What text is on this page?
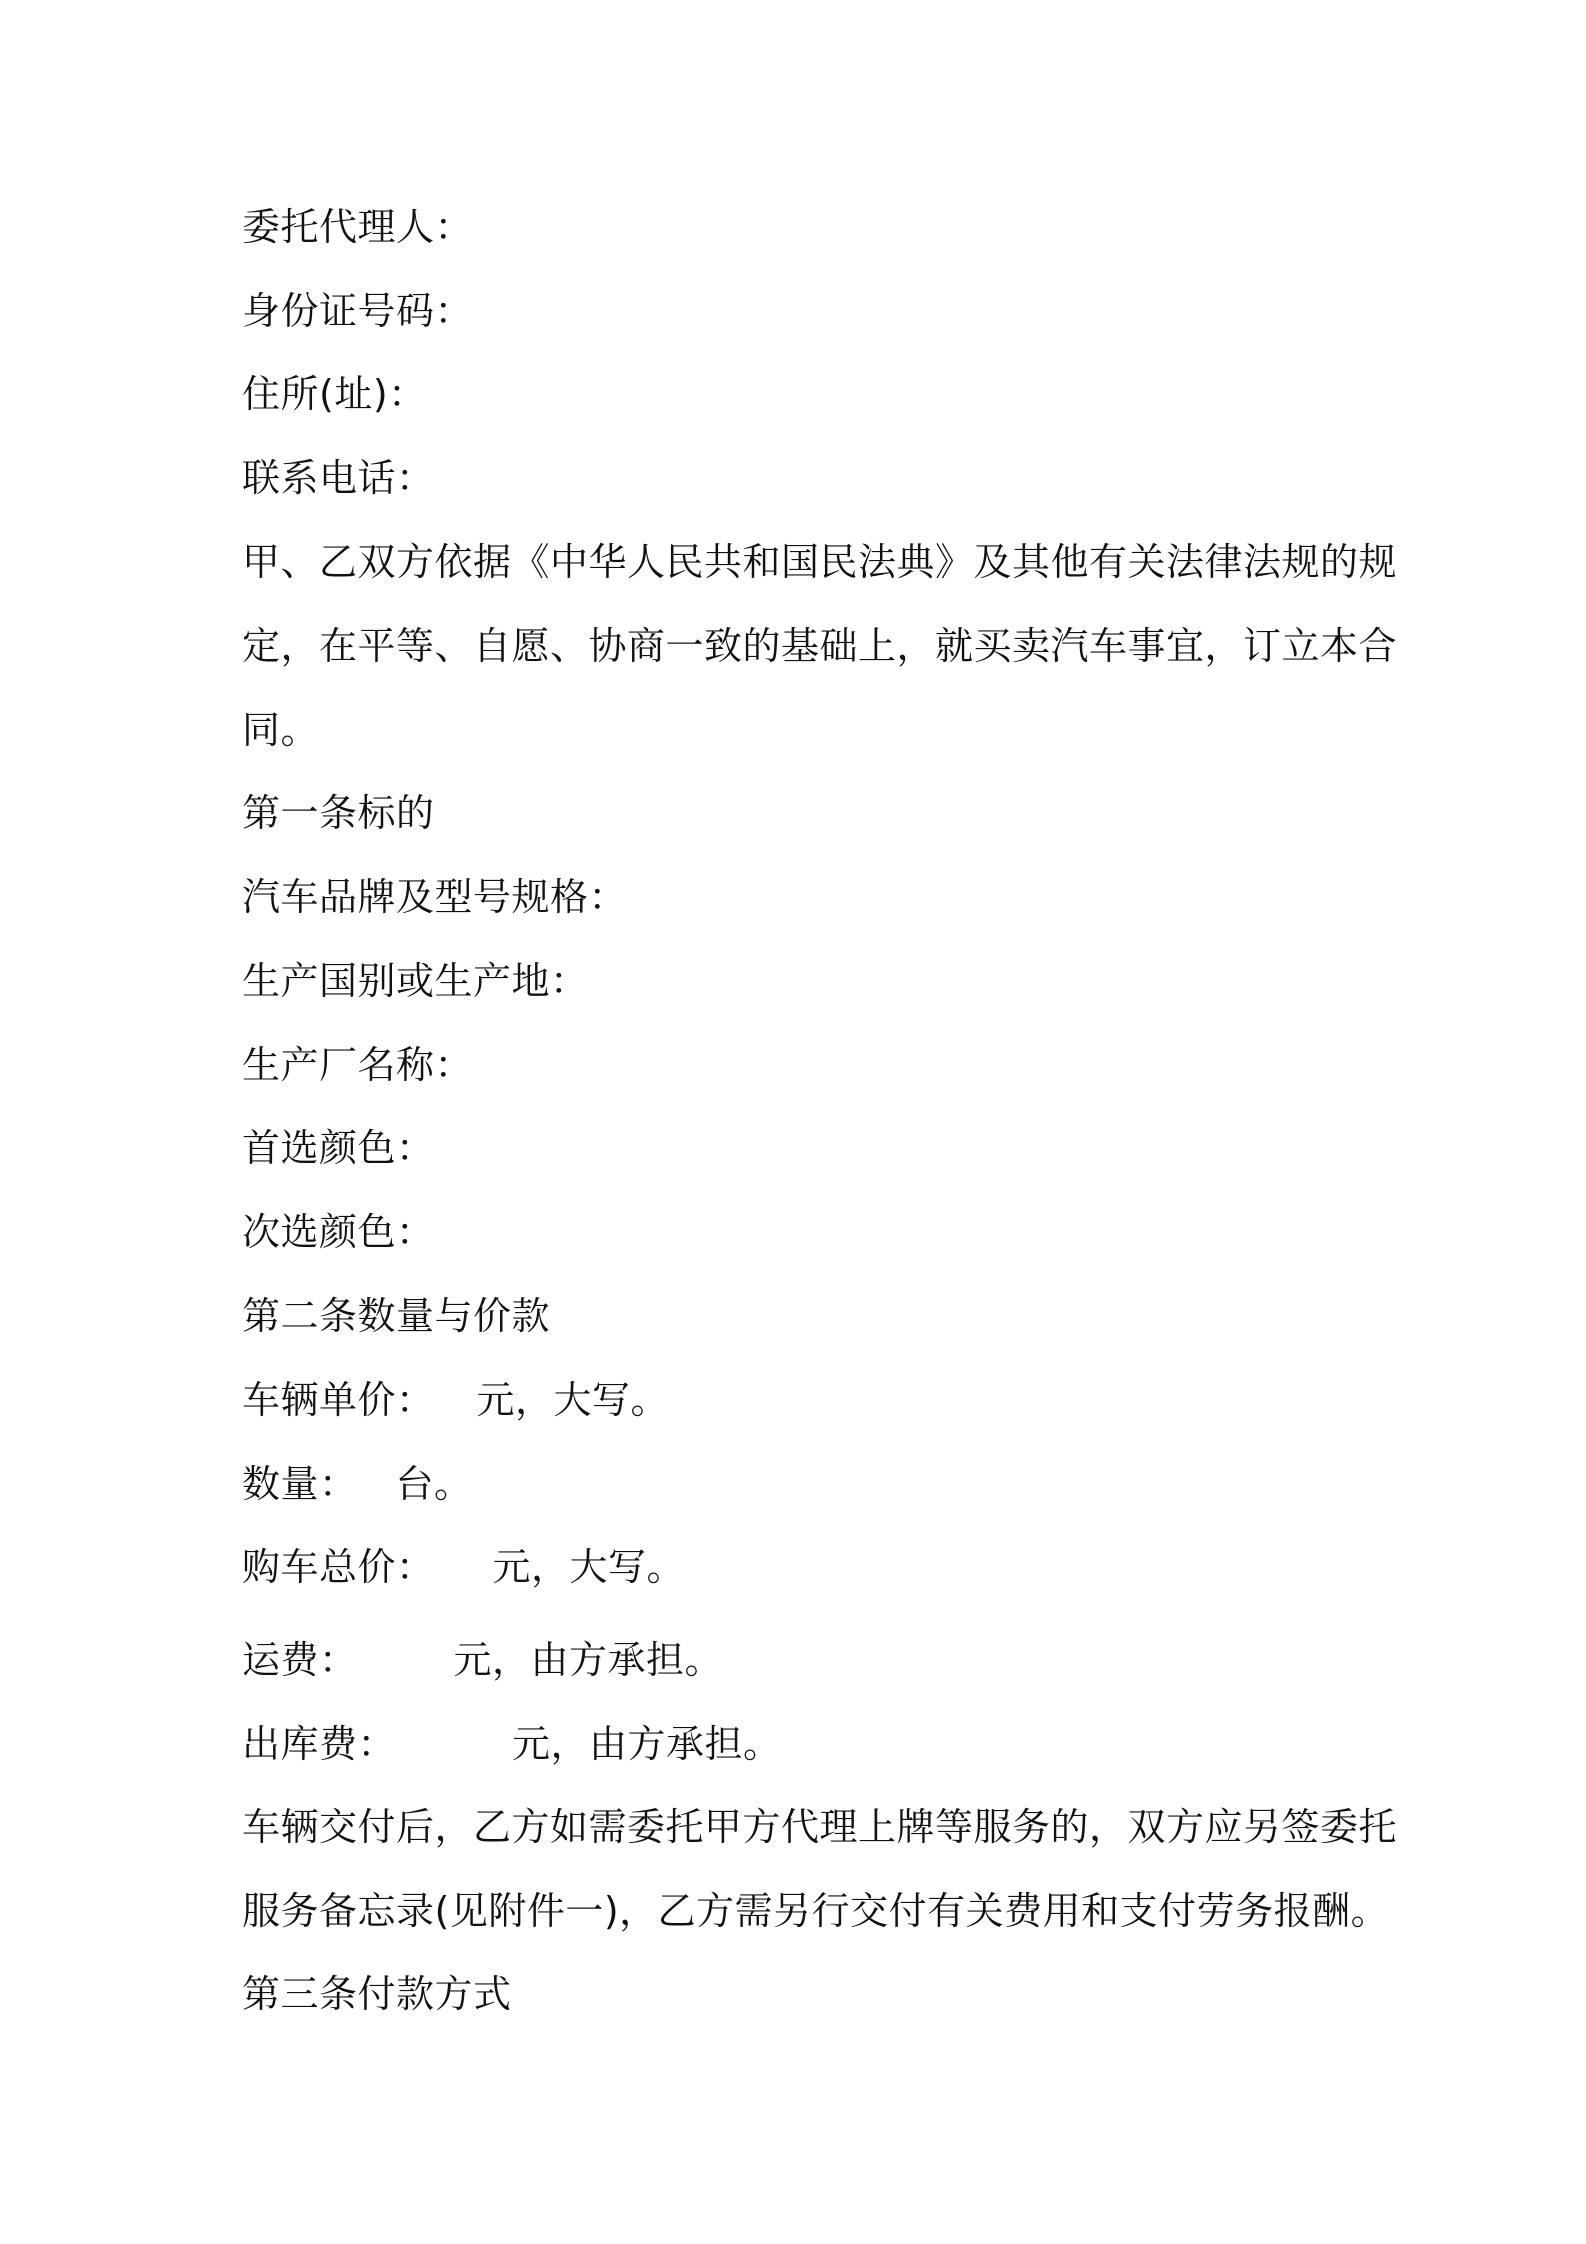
委托代理人：
身份证号码：
住所(址)：
联系电话：
甲、乙双方依据《中华人民共和国民法典》及其他有关法律法规的规
定，在平等、自愿、协商一致的基础上，就买卖汽车事宜，订立本合
同。
第一条标的
汽车品牌及型号规格：
生产国别或生产地：
生产厂名称：
首选颜色：
次选颜色：
第二条数量与价款
车辆单价： 元，大写。
数量： 台。
购车总价： 元，大写。
运费：	元，由方承担。
出库费：	元，由方承担。
车辆交付后，乙方如需委托甲方代理上牌等服务的，双方应另签委托
服务备忘录(见附件一)，乙方需另行交付有关费用和支付劳务报酬。
第三条付款方式
